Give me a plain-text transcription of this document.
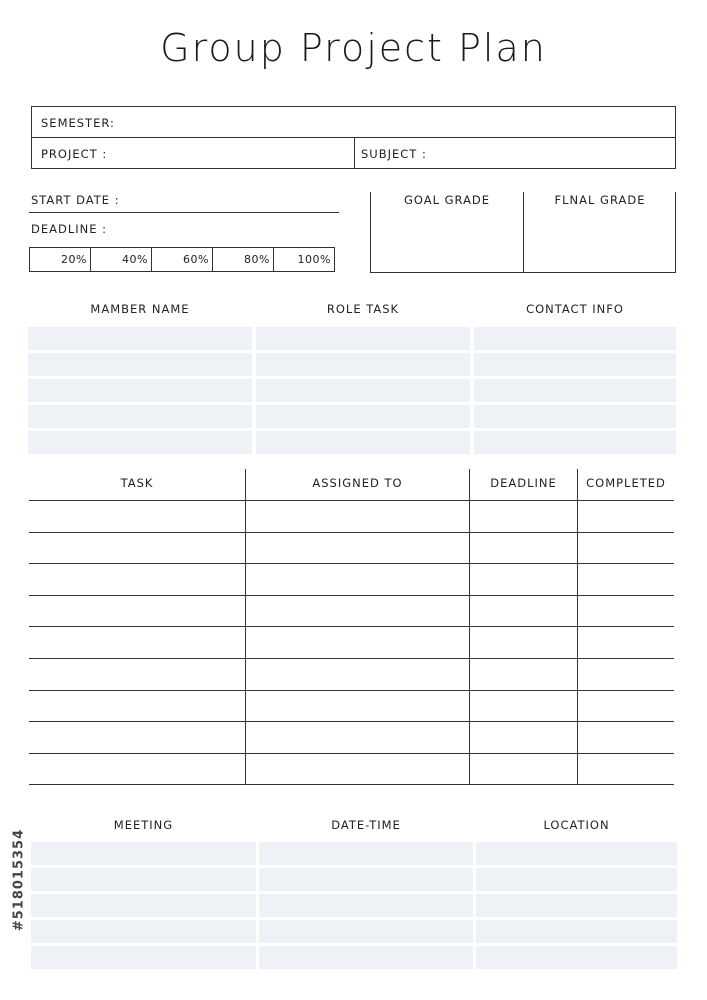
Group Project Plan
SEMESTER:
PROJECT :	SUBJECT :
START DATE :
DEADLINE :
20%	40%	60%	80%	100%
GOAL GRADE	FLNAL GRADE
MAMBER NAME	ROLE TASK	CONTACT INFO
TASK	ASSIGNED TO	DEADLINE	COMPLETED
MEETING	DATE-TIME	LOCATION
#518015354
